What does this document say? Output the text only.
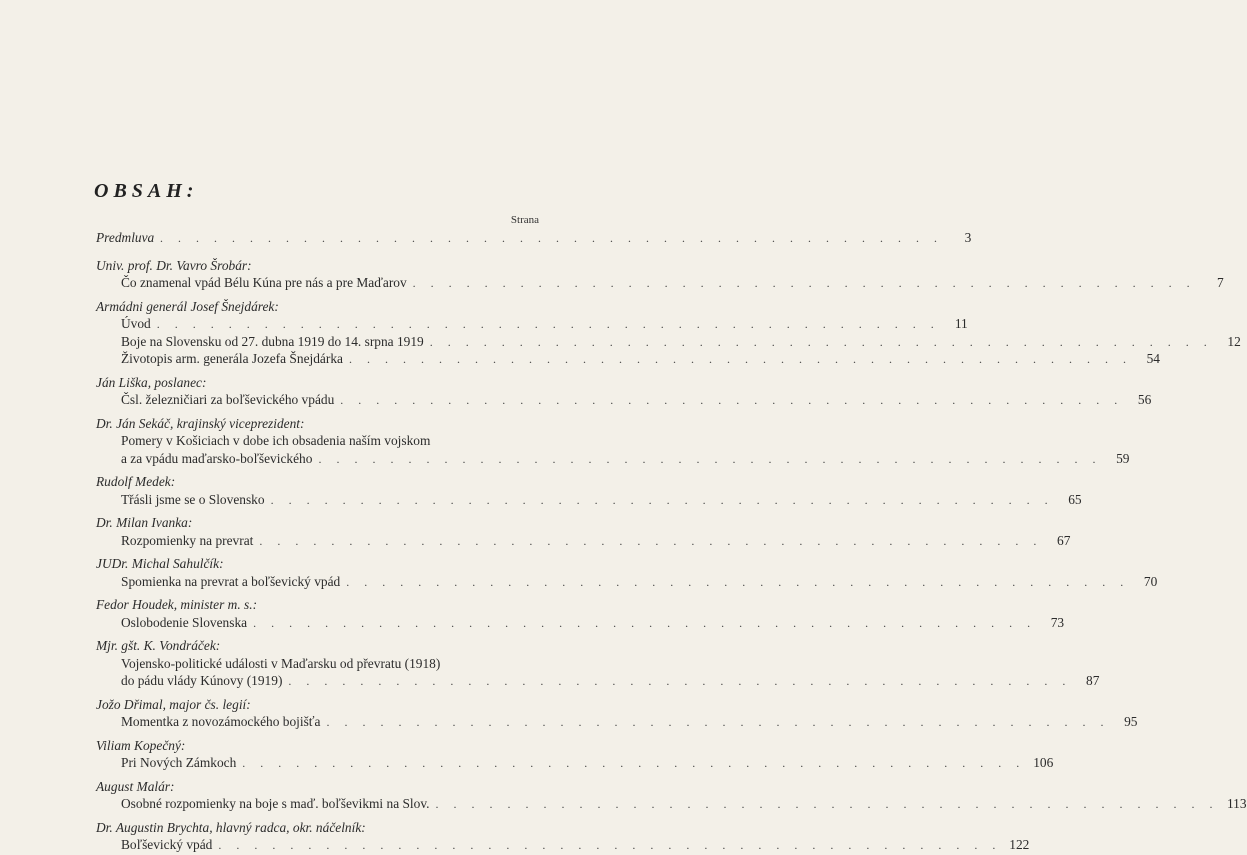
OBSAH:
Strana
Predmluva . . . . . . . . . . . . . . . . . . . . . . . . . . . . . . . . . . . . . . . . . . . .	3
Univ. prof. Dr. Vavro Šrobár:
Čo znamenal vpád Bélu Kúna pre nás a pre Maďarov . . . . . . . . . . . . . . . . . . . . . . . . . . . . . . . . . . . . . . . . . . . .	7
Armádni generál Josef Šnejdárek:
Úvod . . . . . . . . . . . . . . . . . . . . . . . . . . . . . . . . . . . . . . . . . . . .	11
Boje na Slovensku od 27. dubna 1919 do 14. srpna 1919 . . . . . . . . . . . . . . . . . . . . . . . . . . . . . . . . . . . . . . . . . . . .	12
Životopis arm. generála Jozefa Šnejdárka . . . . . . . . . . . . . . . . . . . . . . . . . . . . . . . . . . . . . . . . . . . .	54
Ján Liška, poslanec:
Čsl. železničiari za boľševického vpádu . . . . . . . . . . . . . . . . . . . . . . . . . . . . . . . . . . . . . . . . . . . .	56
Dr. Ján Sekáč, krajinský viceprezident:
Pomery v Košiciach v dobe ich obsadenia naším vojskom
a za vpádu maďarsko-boľševického . . . . . . . . . . . . . . . . . . . . . . . . . . . . . . . . . . . . . . . . . . . .	59
Rudolf Medek:
Třásli jsme se o Slovensko . . . . . . . . . . . . . . . . . . . . . . . . . . . . . . . . . . . . . . . . . . . .	65
Dr. Milan Ivanka:
Rozpomienky na prevrat . . . . . . . . . . . . . . . . . . . . . . . . . . . . . . . . . . . . . . . . . . . .	67
JUDr. Michal Sahulčík:
Spomienka na prevrat a boľševický vpád . . . . . . . . . . . . . . . . . . . . . . . . . . . . . . . . . . . . . . . . . . . .	70
Fedor Houdek, minister m. s.:
Oslobodenie Slovenska . . . . . . . . . . . . . . . . . . . . . . . . . . . . . . . . . . . . . . . . . . . .	73
Mjr. gšt. K. Vondráček:
Vojensko-politické události v Maďarsku od převratu (1918)
do pádu vlády Kúnovy (1919) . . . . . . . . . . . . . . . . . . . . . . . . . . . . . . . . . . . . . . . . . . . .	87
Jožo Dřimal, major čs. legií:
Momentka z novozámockého bojišťa . . . . . . . . . . . . . . . . . . . . . . . . . . . . . . . . . . . . . . . . . . . .	95
Viliam Kopečný:
Pri Nových Zámkoch . . . . . . . . . . . . . . . . . . . . . . . . . . . . . . . . . . . . . . . . . . . . 106
August Malár:
Osobné rozpomienky na boje s maď. boľševikmi na Slov. . . . . . . . . . . . . . . . . . . . . . . . . . . . . . . . . . . . . . . . . . . . . 113
Dr. Augustin Brychta, hlavný radca, okr. náčelník:
Boľševický vpád . . . . . . . . . . . . . . . . . . . . . . . . . . . . . . . . . . . . . . . . . . . . 122
